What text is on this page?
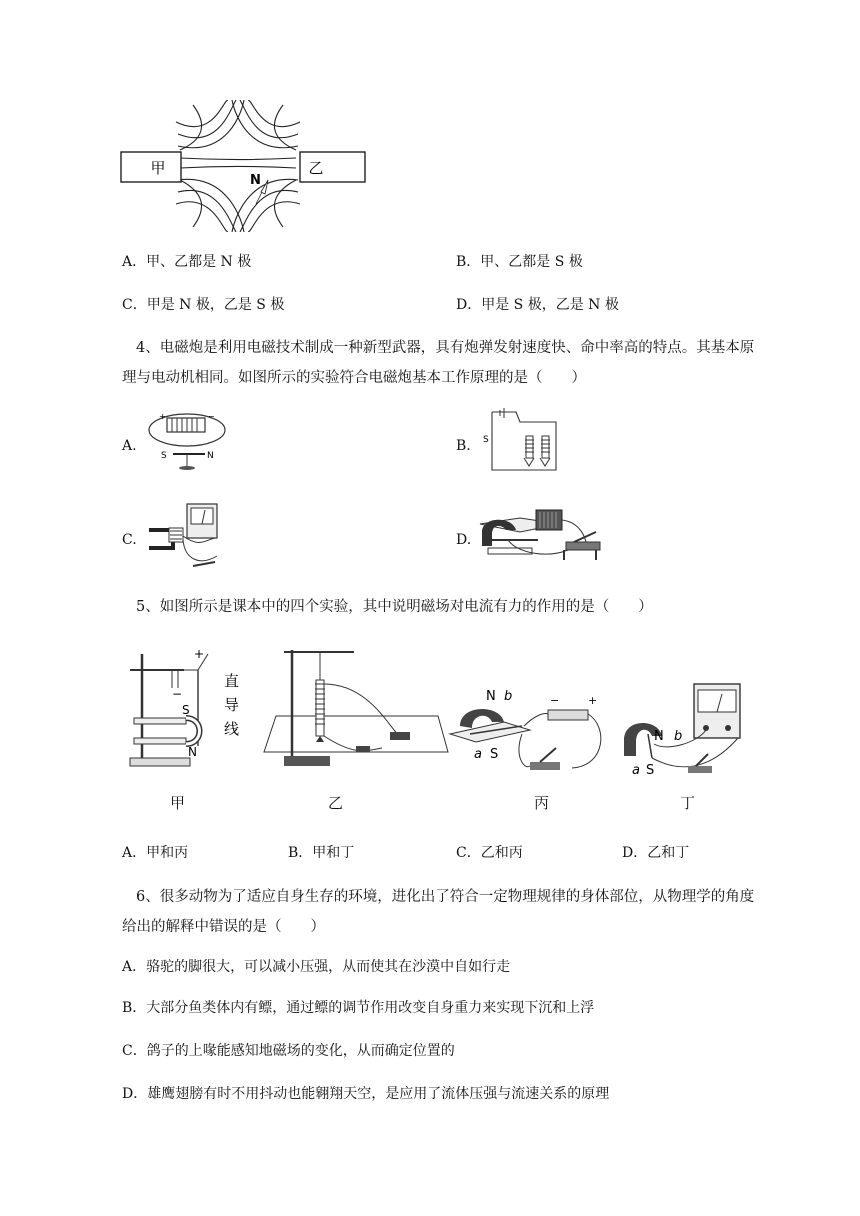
甲	乙
N
A．甲、乙都是 N 极	B．甲、乙都是 S 极
C．甲是 N 极，乙是 S 极	D．甲是 S 极，乙是 N 极
4、电磁炮是利用电磁技术制成一种新型武器，具有炮弹发射速度快、命中率高的特点。其基本原
理与电动机相同。如图所示的实验符合电磁炮基本工作原理的是（　　）
A.
+	−
S	N
B. S
C.	D.
5、如图所示是课本中的四个实验，其中说明磁场对电流有力的作用的是（　　）
+
−
S
N
直
导
线
甲	乙
N b
a S
−	+
丙
N b
a S
丁
A．甲和丙	B．甲和丁	C．乙和丙	D．乙和丁
6、很多动物为了适应自身生存的环境，进化出了符合一定物理规律的身体部位，从物理学的角度
给出的解释中错误的是（　　）
A．骆驼的脚很大，可以减小压强，从而使其在沙漠中自如行走
B．大部分鱼类体内有鳔，通过鳔的调节作用改变自身重力来实现下沉和上浮
C．鸽子的上喙能感知地磁场的变化，从而确定位置的
D．雄鹰翅膀有时不用抖动也能翱翔天空，是应用了流体压强与流速关系的原理
